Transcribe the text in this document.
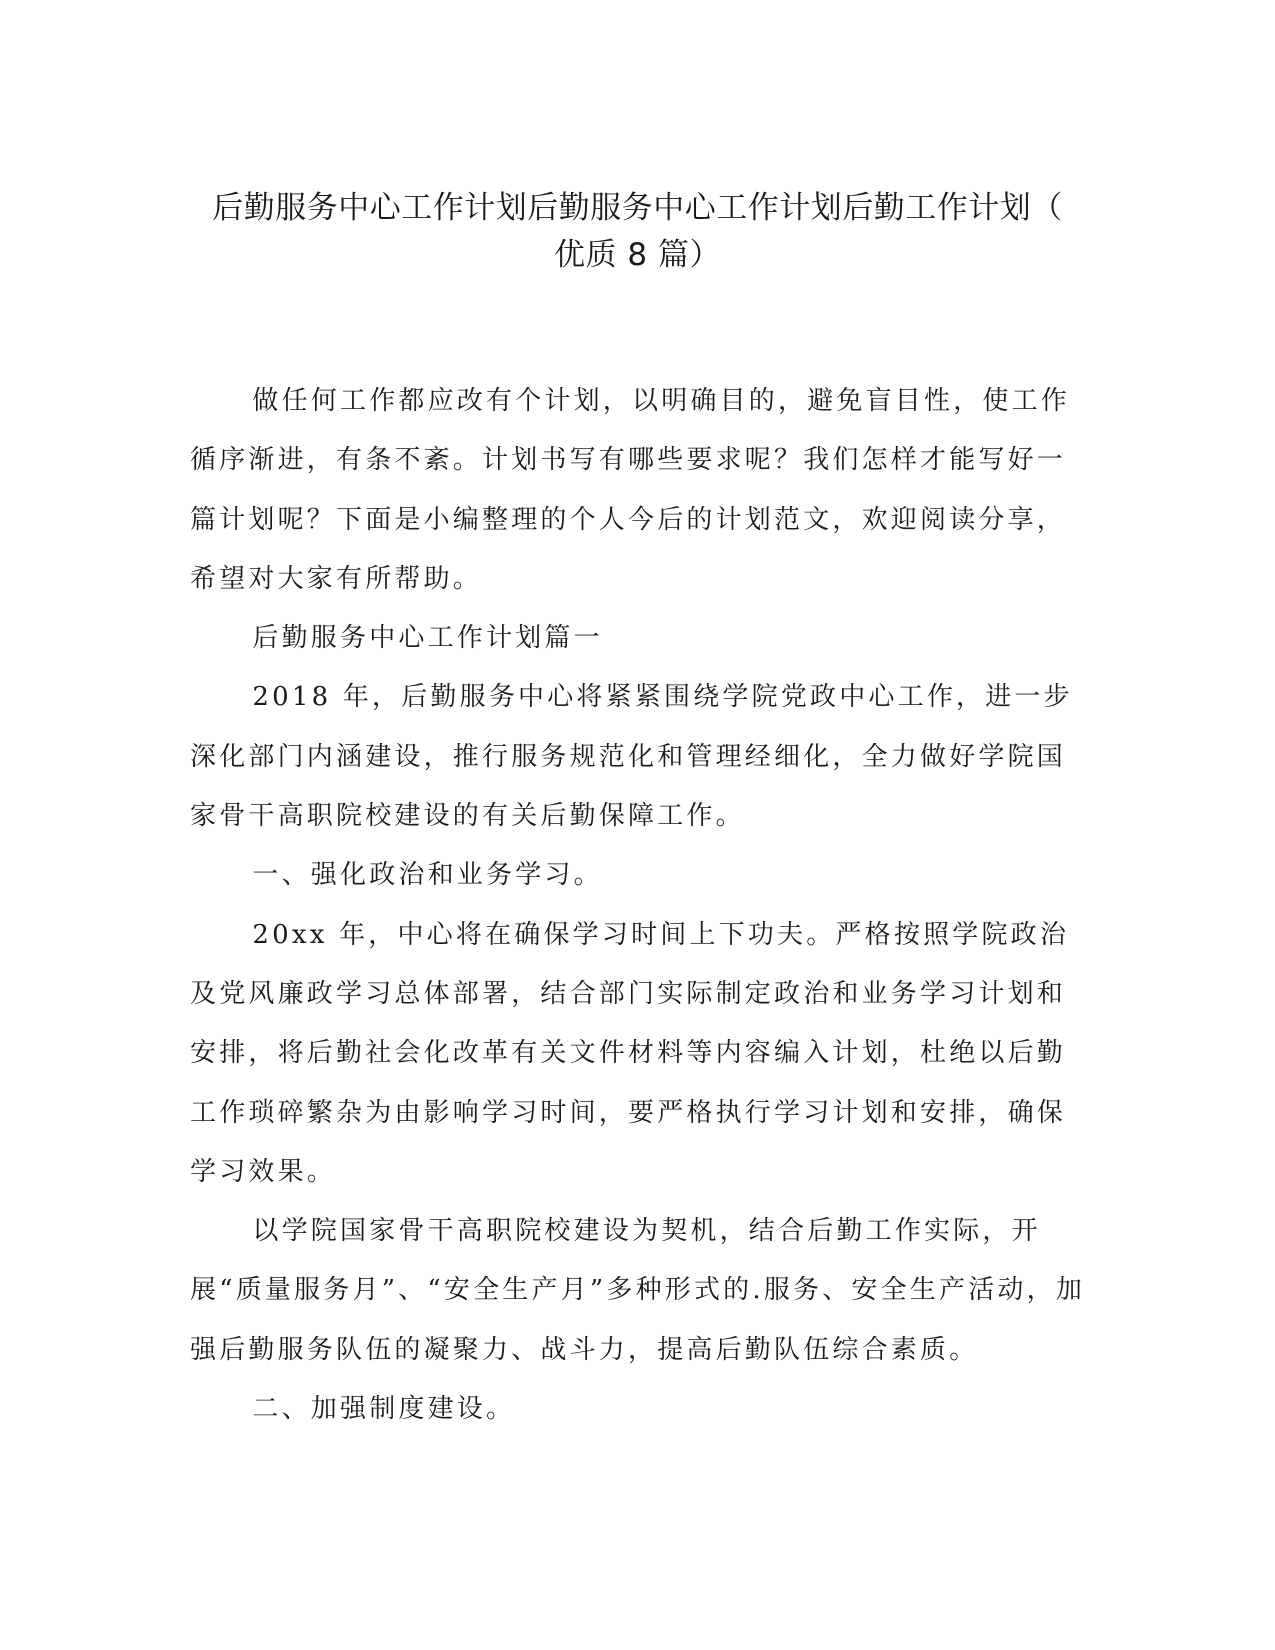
后勤服务中心工作计划后勤服务中心工作计划后勤工作计划（
优质 8 篇）

做任何工作都应改有个计划，以明确目的，避免盲目性，使工作循序渐进，有条不紊。计划书写有哪些要求呢？我们怎样才能写好一篇计划呢？下面是小编整理的个人今后的计划范文，欢迎阅读分享，希望对大家有所帮助。

后勤服务中心工作计划篇一

2018 年，后勤服务中心将紧紧围绕学院党政中心工作，进一步深化部门内涵建设，推行服务规范化和管理经细化，全力做好学院国家骨干高职院校建设的有关后勤保障工作。

一、强化政治和业务学习。

20xx 年，中心将在确保学习时间上下功夫。严格按照学院政治及党风廉政学习总体部署，结合部门实际制定政治和业务学习计划和安排，将后勤社会化改革有关文件材料等内容编入计划，杜绝以后勤工作琐碎繁杂为由影响学习时间，要严格执行学习计划和安排，确保学习效果。

以学院国家骨干高职院校建设为契机，结合后勤工作实际，开展“质量服务月”、“安全生产月”多种形式的.服务、安全生产活动，加强后勤服务队伍的凝聚力、战斗力，提高后勤队伍综合素质。

二、加强制度建设。
